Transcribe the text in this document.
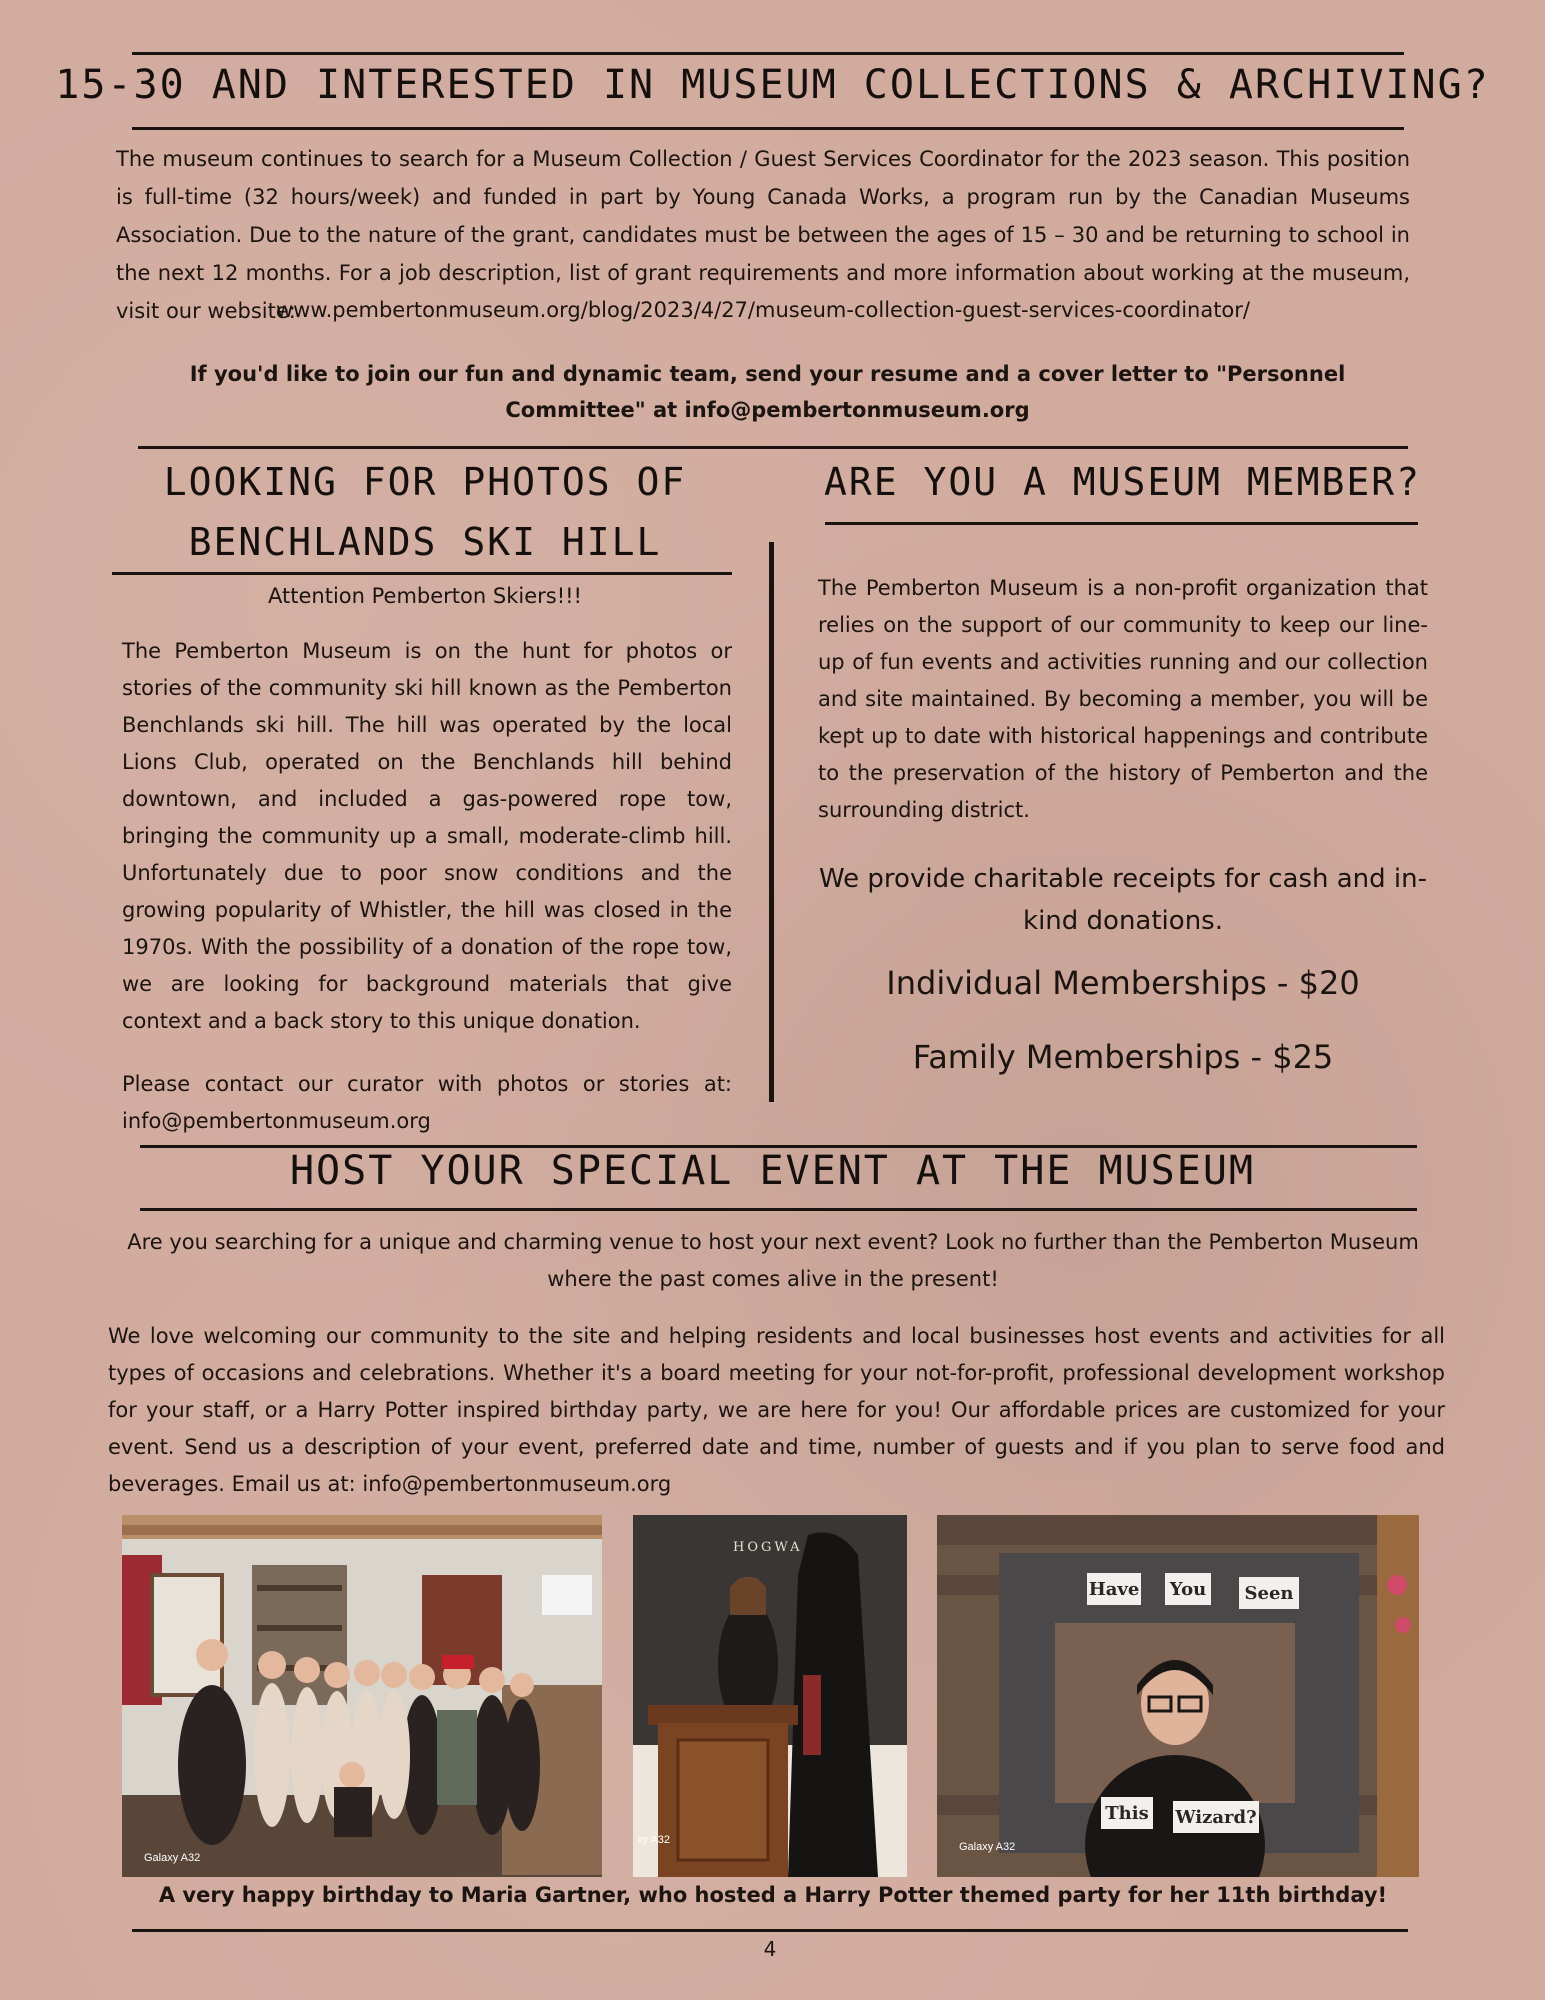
15-30 AND INTERESTED IN MUSEUM COLLECTIONS & ARCHIVING?
The museum continues to search for a Museum Collection / Guest Services Coordinator for the 2023 season. This position is full-time (32 hours/week) and funded in part by Young Canada Works, a program run by the Canadian Museums Association. Due to the nature of the grant, candidates must be between the ages of 15 – 30 and be returning to school in the next 12 months. For a job description, list of grant requirements and more information about working at the museum, visit our website:
www.pembertonmuseum.org/blog/2023/4/27/museum-collection-guest-services-coordinator/
If you'd like to join our fun and dynamic team, send your resume and a cover letter to "Personnel Committee" at info@pembertonmuseum.org
LOOKING FOR PHOTOS OF BENCHLANDS SKI HILL
Attention Pemberton Skiers!!!
The Pemberton Museum is on the hunt for photos or stories of the community ski hill known as the Pemberton Benchlands ski hill. The hill was operated by the local Lions Club, operated on the Benchlands hill behind downtown, and included a gas-powered rope tow, bringing the community up a small, moderate-climb hill. Unfortunately due to poor snow conditions and the growing popularity of Whistler, the hill was closed in the 1970s. With the possibility of a donation of the rope tow, we are looking for background materials that give context and a back story to this unique donation.
Please contact our curator with photos or stories at: info@pembertonmuseum.org
ARE YOU A MUSEUM MEMBER?
The Pemberton Museum is a non-profit organization that relies on the support of our community to keep our line-up of fun events and activities running and our collection and site maintained. By becoming a member, you will be kept up to date with historical happenings and contribute to the preservation of the history of Pemberton and the surrounding district.
We provide charitable receipts for cash and in-kind donations.
Individual Memberships - $20
Family Memberships - $25
HOST YOUR SPECIAL EVENT AT THE MUSEUM
Are you searching for a unique and charming venue to host your next event? Look no further than the Pemberton Museum where the past comes alive in the present!
We love welcoming our community to the site and helping residents and local businesses host events and activities for all types of occasions and celebrations. Whether it's a board meeting for your not-for-profit, professional development workshop for your staff, or a Harry Potter inspired birthday party, we are here for you! Our affordable prices are customized for your event. Send us a description of your event, preferred date and time, number of guests and if you plan to serve food and beverages. Email us at: info@pembertonmuseum.org
Galaxy A32
HOGWA
xy A32
Have You Seen
This Wizard?
Galaxy A32
A very happy birthday to Maria Gartner, who hosted a Harry Potter themed party for her 11th birthday!
4
